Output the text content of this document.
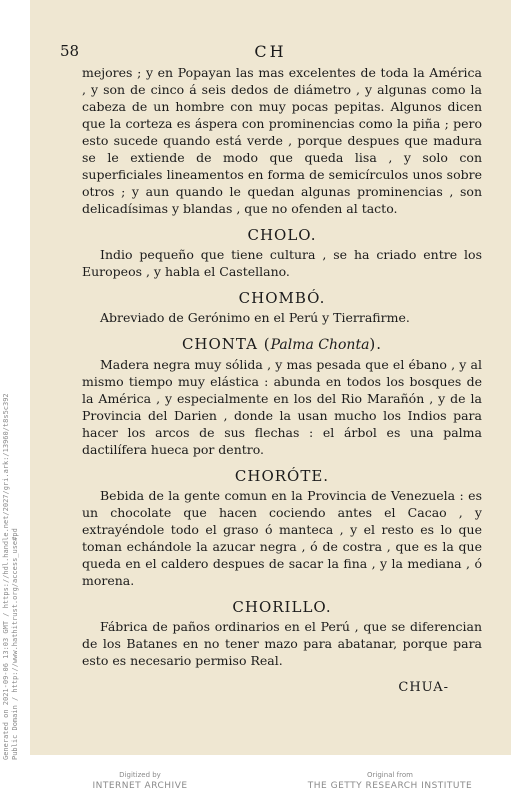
58	CH

mejores ; y en Popayan las mas excelentes de toda la América , y son de cinco á seis dedos de diámetro , y algunas como la cabeza de un hombre con muy pocas pepitas. Algunos dicen que la corteza es áspera con prominencias como la piña ; pero esto sucede quando está verde , porque despues que madura se le extiende de modo que queda lisa , y solo con superficiales lineamentos en forma de semicírculos unos sobre otros ; y aun quando le quedan algunas prominencias , son delicadísimas y blandas , que no ofenden al tacto.

CHOLO.

Indio pequeño que tiene cultura , se ha criado entre los Europeos , y habla el Castellano.

CHOMBÓ.

Abreviado de Gerónimo en el Perú y Tierrafirme.

CHONTA (Palma Chonta).

Madera negra muy sólida , y mas pesada que el ébano , y al mismo tiempo muy elástica : abunda en todos los bosques de la América , y especialmente en los del Rio Marañón , y de la Provincia del Darien , donde la usan mucho los Indios para hacer los arcos de sus flechas : el árbol es una palma dactilífera hueca por dentro.

CHORÓTE.

Bebida de la gente comun en la Provincia de Venezuela : es un chocolate que hacen cociendo antes el Cacao , y extrayéndole todo el graso ó manteca , y el resto es lo que toman echándole la azucar negra , ó de costra , que es la que queda en el caldero despues de sacar la fina , y la mediana , ó morena.

CHORILLO.

Fábrica de paños ordinarios en el Perú , que se diferencian de los Batanes en no tener mazo para abatanar, porque para esto es necesario permiso Real.

CHUA-
Generated on 2021-09-06 13:03 GMT / https://hdl.handle.net/2027/gri.ark:/13960/t8s5c392 Public Domain / http://www.hathitrust.org/access_use#pd
Digitized by
INTERNET ARCHIVE
Original from
THE GETTY RESEARCH INSTITUTE
